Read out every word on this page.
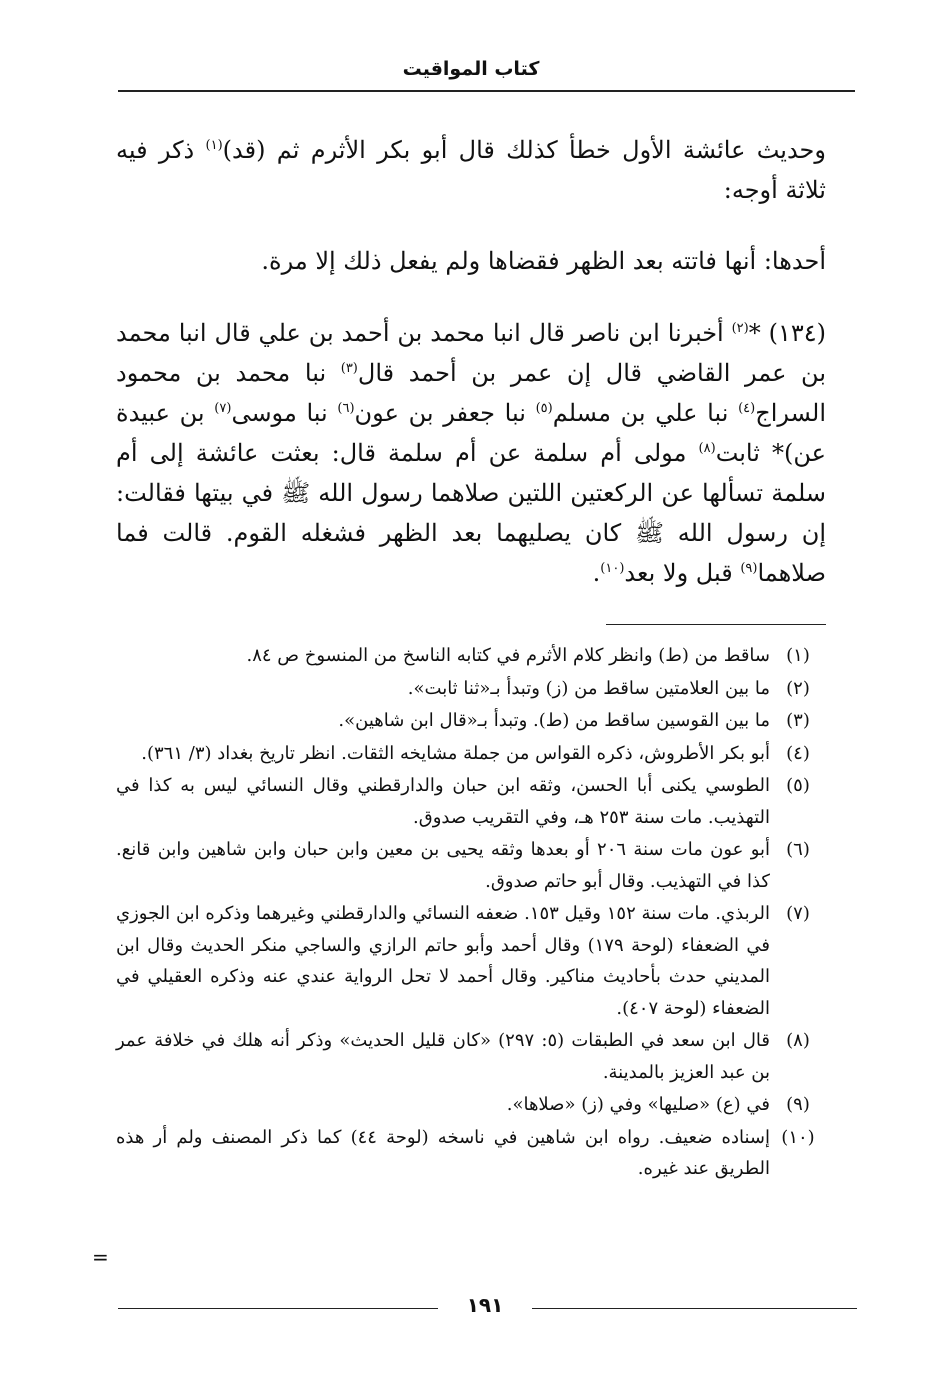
كتاب المواقيت

وحديث عائشة الأول خطأ كذلك قال أبو بكر الأثرم ثم (قد)$^{(١)}$ ذكر فيه ثلاثة أوجه:

أحدها: أنها فاتته بعد الظهر فقضاها ولم يفعل ذلك إلا مرة.

(١٣٤) *$^{(٢)}$ أخبرنا ابن ناصر قال انبا محمد بن أحمد بن علي قال انبا محمد بن عمر القاضي قال إن عمر بن أحمد قال$^{(٣)}$ نبا محمد بن محمود السراج$^{(٤)}$ نبا علي بن مسلم$^{(٥)}$ نبا جعفر بن عون$^{(٦)}$ نبا موسى$^{(٧)}$ بن عبيدة عن)* ثابت$^{(٨)}$ مولى أم سلمة عن أم سلمة قال: بعثت عائشة إلى أم سلمة تسألها عن الركعتين اللتين صلاهما رسول الله ﷺ في بيتها فقالت: إن رسول الله ﷺ كان يصليهما بعد الظهر فشغله القوم. قالت فما صلاهما$^{(٩)}$ قبل ولا بعد$^{(١٠)}$.

(١)
ساقط من (ط) وانظر كلام الأثرم في كتابه الناسخ من المنسوخ ص ٨٤.
(٢)
ما بين العلامتين ساقط من (ز) وتبدأ بـ«ثنا ثابت».
(٣)
ما بين القوسين ساقط من (ط). وتبدأ بـ«قال ابن شاهين».
(٤)
أبو بكر الأطروش، ذكره القواس من جملة مشايخه الثقات. انظر تاريخ بغداد (٣/ ٣٦١).
(٥)
الطوسي يكنى أبا الحسن، وثقه ابن حبان والدارقطني وقال النسائي ليس به كذا في التهذيب. مات سنة ٢٥٣ هـ، وفي التقريب صدوق.
(٦)
أبو عون مات سنة ٢٠٦ أو بعدها وثقه يحيى بن معين وابن حبان وابن شاهين وابن قانع. كذا في التهذيب. وقال أبو حاتم صدوق.
(٧)
الربذي. مات سنة ١٥٢ وقيل ١٥٣. ضعفه النسائي والدارقطني وغيرهما وذكره ابن الجوزي في الضعفاء (لوحة ١٧٩) وقال أحمد وأبو حاتم الرازي والساجي منكر الحديث وقال ابن المديني حدث بأحاديث مناكير. وقال أحمد لا تحل الرواية عندي عنه وذكره العقيلي في الضعفاء (لوحة ٤٠٧).
(٨)
قال ابن سعد في الطبقات (٥: ٢٩٧) «كان قليل الحديث» وذكر أنه هلك في خلافة عمر بن عبد العزيز بالمدينة.
(٩)
في (ع) «صليها» وفي (ز) «صلاها».
(١٠)
إسناده ضعيف. رواه ابن شاهين في ناسخه (لوحة ٤٤) كما ذكر المصنف ولم أر هذه الطريق عند غيره.
=
١٩١
